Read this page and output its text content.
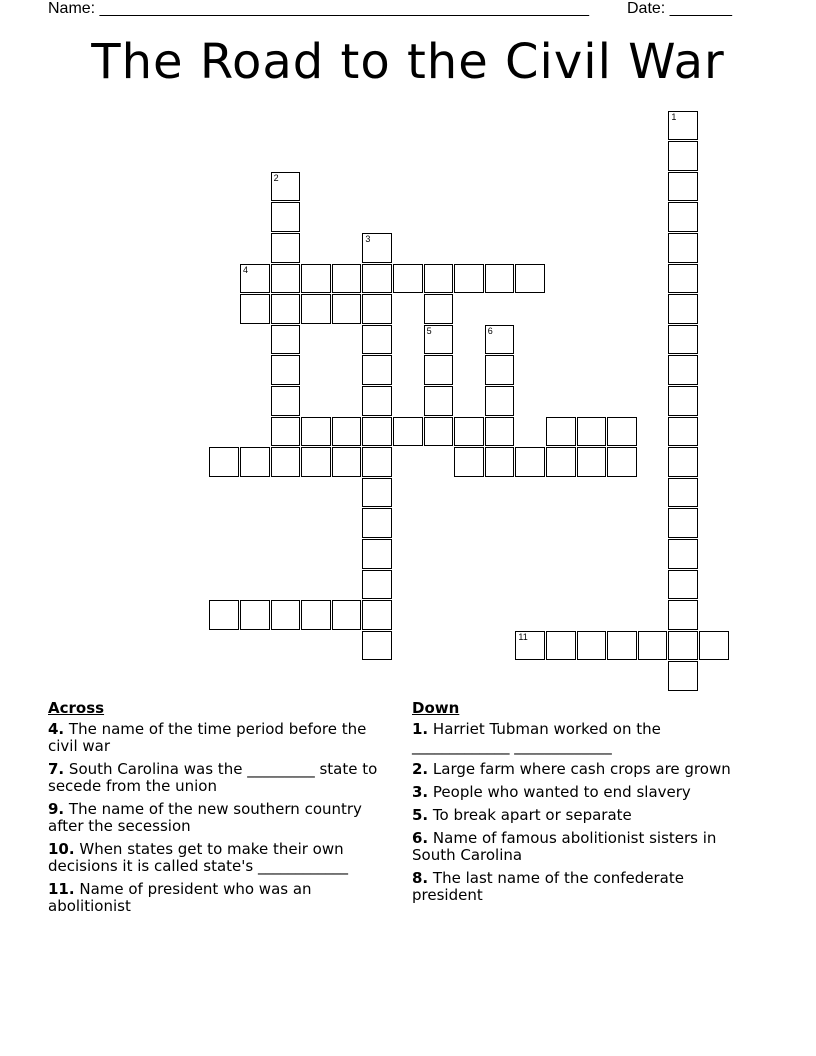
Name: _______________________________________________________ Date: _______
The Road to the Civil War
1
2
3
4
5	6
11
Across
4. The name of the time period before the civil war
7. South Carolina was the _________ state to secede from the union
9. The name of the new southern country after the secession
10. When states get to make their own decisions it is called state's ____________
11. Name of president who was an abolitionist
Down
1. Harriet Tubman worked on the _____________ _____________
2. Large farm where cash crops are grown
3. People who wanted to end slavery
5. To break apart or separate
6. Name of famous abolitionist sisters in South Carolina
8. The last name of the confederate president
